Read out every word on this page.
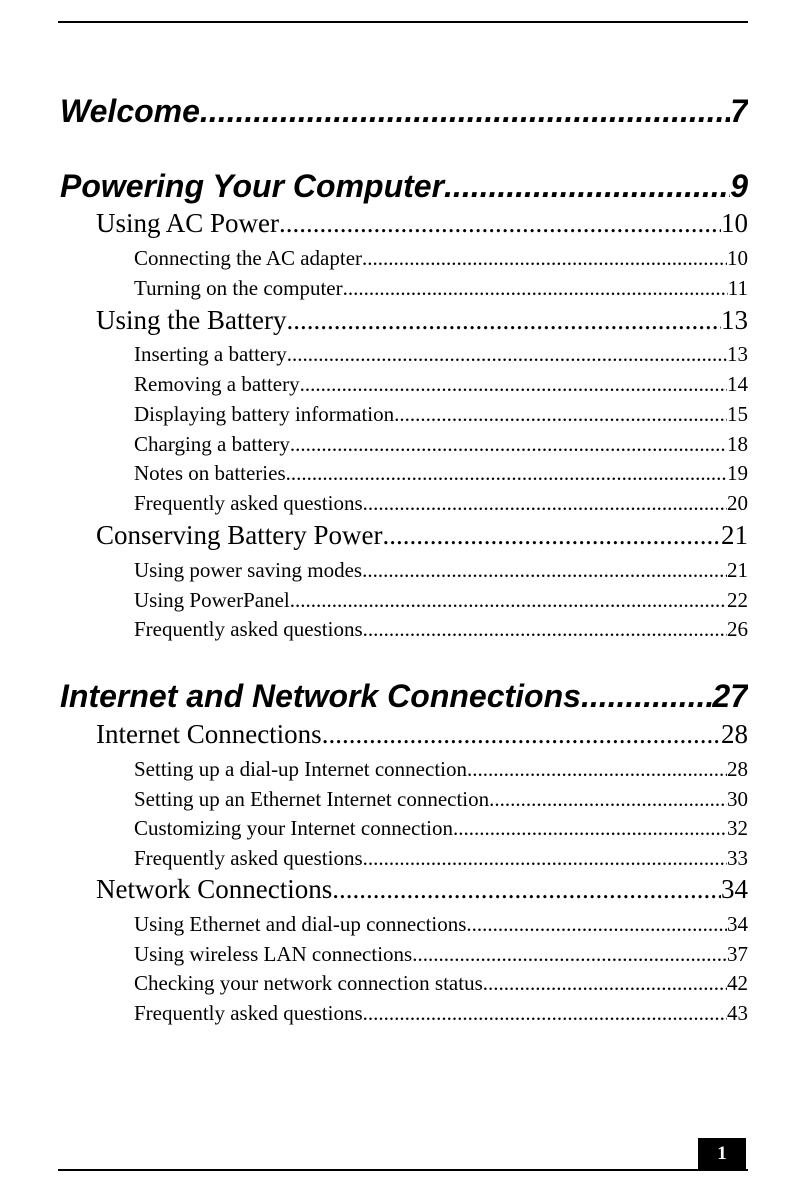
Welcome .....	7
Powering Your Computer .....	9
Using AC Power .....	10
Connecting the AC adapter .....	10
Turning on the computer .....	11
Using the Battery .....	13
Inserting a battery .....	13
Removing a battery .....	14
Displaying battery information .....	15
Charging a battery .....	18
Notes on batteries .....	19
Frequently asked questions .....	20
Conserving Battery Power .....	21
Using power saving modes .....	21
Using PowerPanel .....	22
Frequently asked questions .....	26
Internet and Network Connections .....	27
Internet Connections .....	28
Setting up a dial-up Internet connection .....	28
Setting up an Ethernet Internet connection .....	30
Customizing your Internet connection .....	32
Frequently asked questions .....	33
Network Connections .....	34
Using Ethernet and dial-up connections .....	34
Using wireless LAN connections .....	37
Checking your network connection status .....	42
Frequently asked questions .....	43
1
